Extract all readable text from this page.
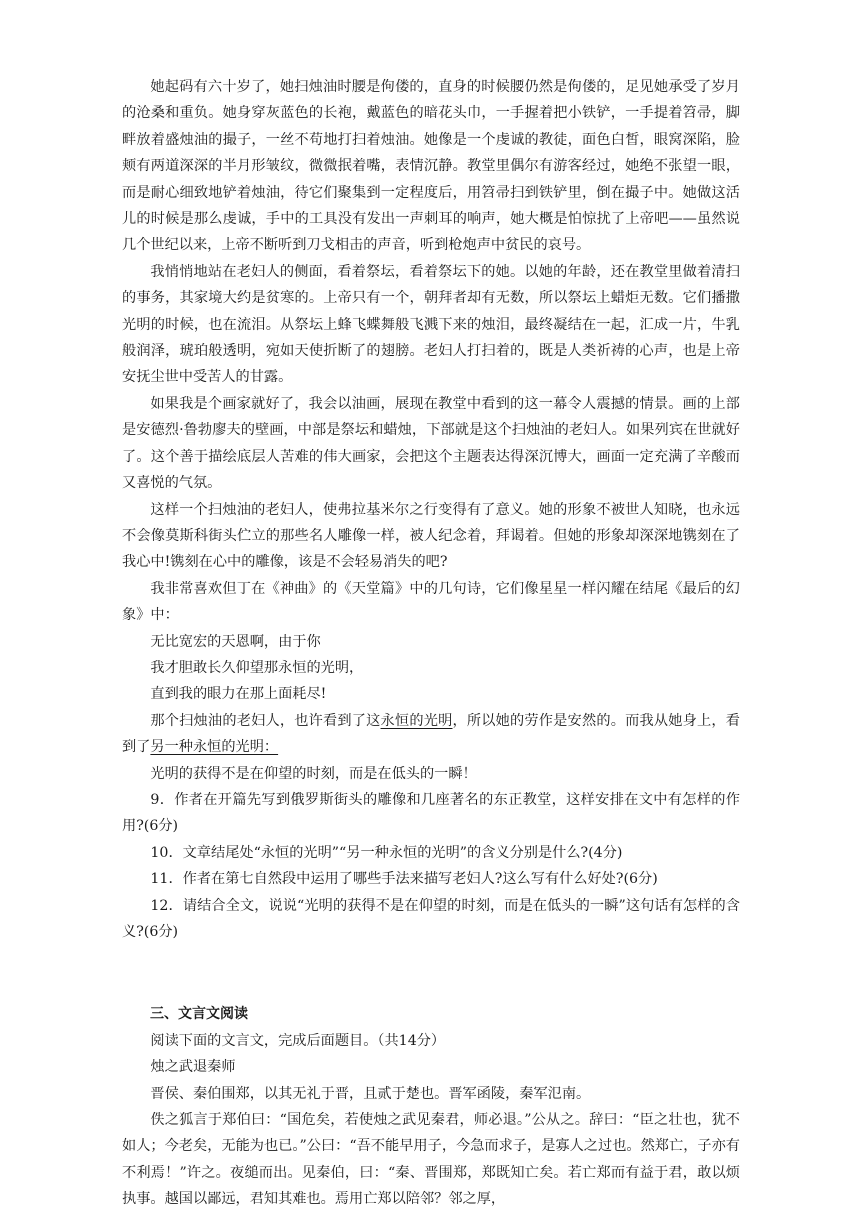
她起码有六十岁了，她扫烛油时腰是佝偻的，直身的时候腰仍然是佝偻的，足见她承受了岁月的沧桑和重负。她身穿灰蓝色的长袍，戴蓝色的暗花头巾，一手握着把小铁铲，一手提着笤帚，脚畔放着盛烛油的撮子，一丝不苟地打扫着烛油。她像是一个虔诚的教徒，面色白皙，眼窝深陷，脸颊有两道深深的半月形皱纹，微微抿着嘴，表情沉静。教堂里偶尔有游客经过，她绝不张望一眼，而是耐心细致地铲着烛油，待它们聚集到一定程度后，用笤帚扫到铁铲里，倒在撮子中。她做这活儿的时候是那么虔诚，手中的工具没有发出一声刺耳的响声，她大概是怕惊扰了上帝吧——虽然说几个世纪以来，上帝不断听到刀戈相击的声音，听到枪炮声中贫民的哀号。

我悄悄地站在老妇人的侧面，看着祭坛，看着祭坛下的她。以她的年龄，还在教堂里做着清扫的事务，其家境大约是贫寒的。上帝只有一个，朝拜者却有无数，所以祭坛上蜡炬无数。它们播撒光明的时候，也在流泪。从祭坛上蜂飞蝶舞般飞溅下来的烛泪，最终凝结在一起，汇成一片，牛乳般润泽，琥珀般透明，宛如天使折断了的翅膀。老妇人打扫着的，既是人类祈祷的心声，也是上帝安抚尘世中受苦人的甘露。

如果我是个画家就好了，我会以油画，展现在教堂中看到的这一幕令人震撼的情景。画的上部是安德烈·鲁勃廖夫的壁画，中部是祭坛和蜡烛，下部就是这个扫烛油的老妇人。如果列宾在世就好了。这个善于描绘底层人苦难的伟大画家，会把这个主题表达得深沉博大，画面一定充满了辛酸而又喜悦的气氛。

这样一个扫烛油的老妇人，使弗拉基米尔之行变得有了意义。她的形象不被世人知晓，也永远不会像莫斯科街头伫立的那些名人雕像一样，被人纪念着，拜谒着。但她的形象却深深地镌刻在了我心中!镌刻在心中的雕像，该是不会轻易消失的吧?

我非常喜欢但丁在《神曲》的《天堂篇》中的几句诗，它们像星星一样闪耀在结尾《最后的幻象》中：

无比宽宏的天恩啊，由于你

我才胆敢长久仰望那永恒的光明，

直到我的眼力在那上面耗尽!

那个扫烛油的老妇人，也许看到了这永恒的光明，所以她的劳作是安然的。而我从她身上，看到了另一种永恒的光明：

光明的获得不是在仰望的时刻，而是在低头的一瞬！

9．作者在开篇先写到俄罗斯街头的雕像和几座著名的东正教堂，这样安排在文中有怎样的作用?(6分)

10．文章结尾处“永恒的光明”“另一种永恒的光明”的含义分别是什么?(4分)

11．作者在第七自然段中运用了哪些手法来描写老妇人?这么写有什么好处?(6分)

12．请结合全文，说说“光明的获得不是在仰望的时刻，而是在低头的一瞬”这句话有怎样的含义?(6分)

三、文言文阅读

阅读下面的文言文，完成后面题目。（共14分）

烛之武退秦师

晋侯、秦伯围郑，以其无礼于晋，且贰于楚也。晋军函陵，秦军氾南。

佚之狐言于郑伯曰：“国危矣，若使烛之武见秦君，师必退。”公从之。辞曰：“臣之壮也，犹不如人；今老矣，无能为也已。”公曰：“吾不能早用子，今急而求子，是寡人之过也。然郑亡，子亦有不利焉！”许之。夜缒而出。见秦伯，曰：“秦、晋围郑，郑既知亡矣。若亡郑而有益于君，敢以烦执事。越国以鄙远，君知其难也。焉用亡郑以陪邻？邻之厚，
